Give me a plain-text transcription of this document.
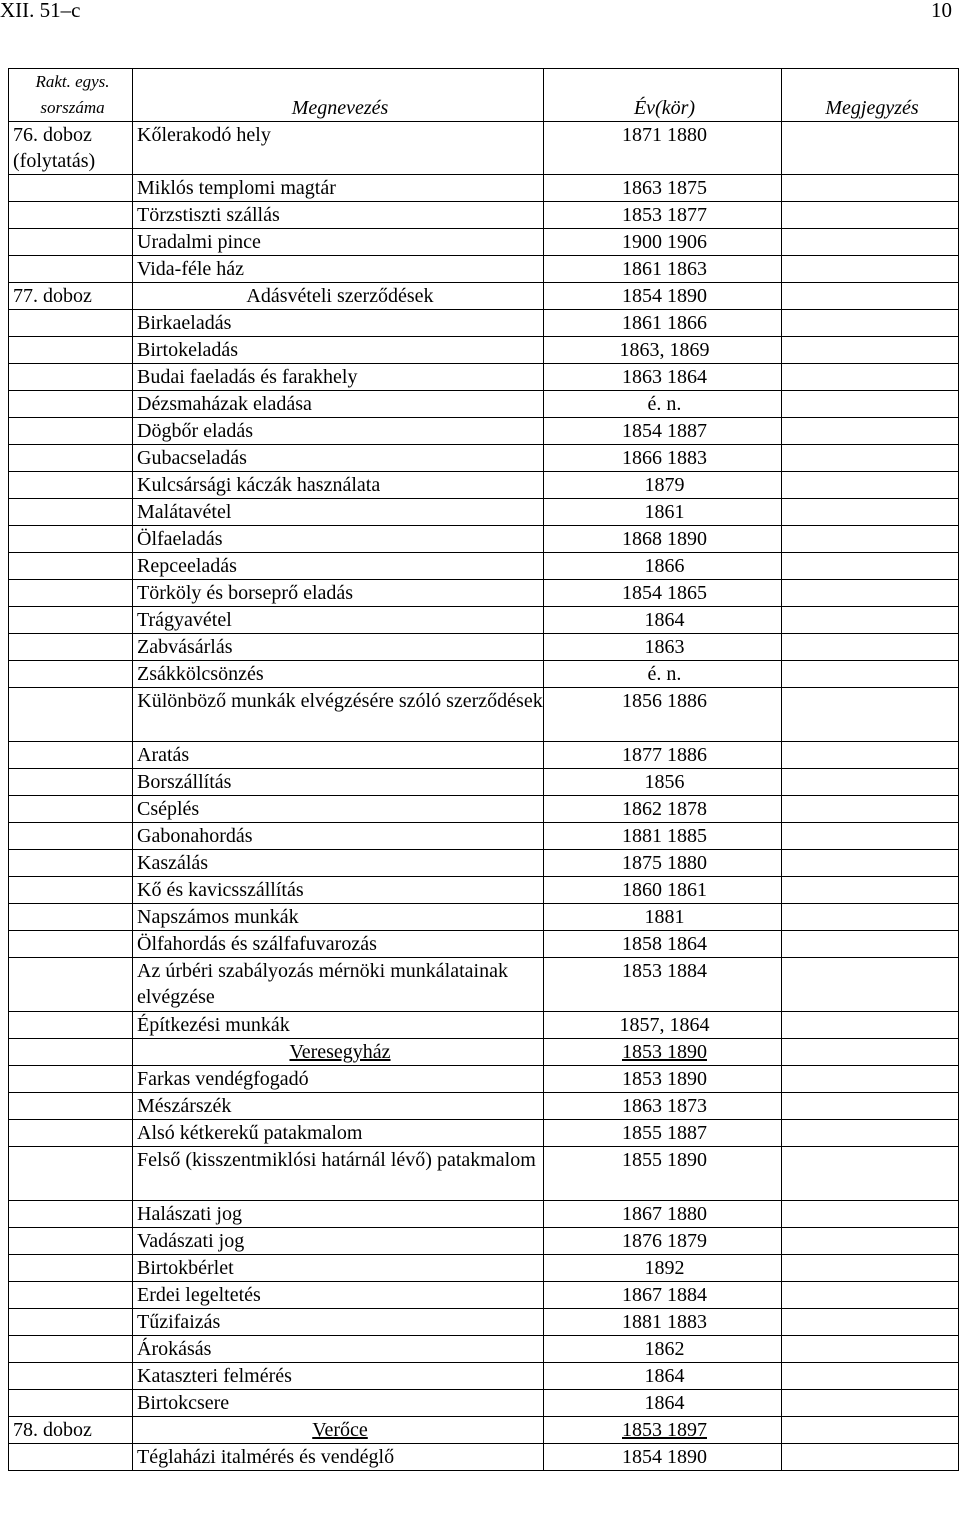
XII. 51–c	10
Rakt. egys. sorszáma	Megnevezés	Év(kör)	Megjegyzés
76. doboz (folytatás)	Kőlerakodó hely	1871 1880	
	Miklós templomi magtár	1863 1875	
	Törzstiszti szállás	1853 1877	
	Uradalmi pince	1900 1906	
	Vida-féle ház	1861 1863	
77. doboz	Adásvételi szerződések	1854 1890	
	Birkaeladás	1861 1866	
	Birtokeladás	1863, 1869	
	Budai faeladás és farakhely	1863 1864	
	Dézsmaházak eladása	é. n.	
	Dögbőr eladás	1854 1887	
	Gubacseladás	1866 1883	
	Kulcsársági káczák használata	1879	
	Malátavétel	1861	
	Ölfaeladás	1868 1890	
	Repceeladás	1866	
	Törköly és borseprő eladás	1854 1865	
	Trágyavétel	1864	
	Zabvásárlás	1863	
	Zsákkölcsönzés	é. n.	
	Különböző munkák elvégzésére szóló szerződések	1856 1886	
	Aratás	1877 1886	
	Borszállítás	1856	
	Cséplés	1862 1878	
	Gabonahordás	1881 1885	
	Kaszálás	1875 1880	
	Kő és kavicsszállítás	1860 1861	
	Napszámos munkák	1881	
	Ölfahordás és szálfafuvarozás	1858 1864	
	Az úrbéri szabályozás mérnöki munkálatainak elvégzése	1853 1884	
	Építkezési munkák	1857, 1864	
	Veresegyház	1853 1890	
	Farkas vendégfogadó	1853 1890	
	Mészárszék	1863 1873	
	Alsó kétkerekű patakmalom	1855 1887	
	Felső (kisszentmiklósi határnál lévő) patakmalom	1855 1890	
	Halászati jog	1867 1880	
	Vadászati jog	1876 1879	
	Birtokbérlet	1892	
	Erdei legeltetés	1867 1884	
	Tűzifaizás	1881 1883	
	Árokásás	1862	
	Kataszteri felmérés	1864	
	Birtokcsere	1864	
78. doboz	Verőce	1853 1897	
	Téglaházi italmérés és vendéglő	1854 1890	
